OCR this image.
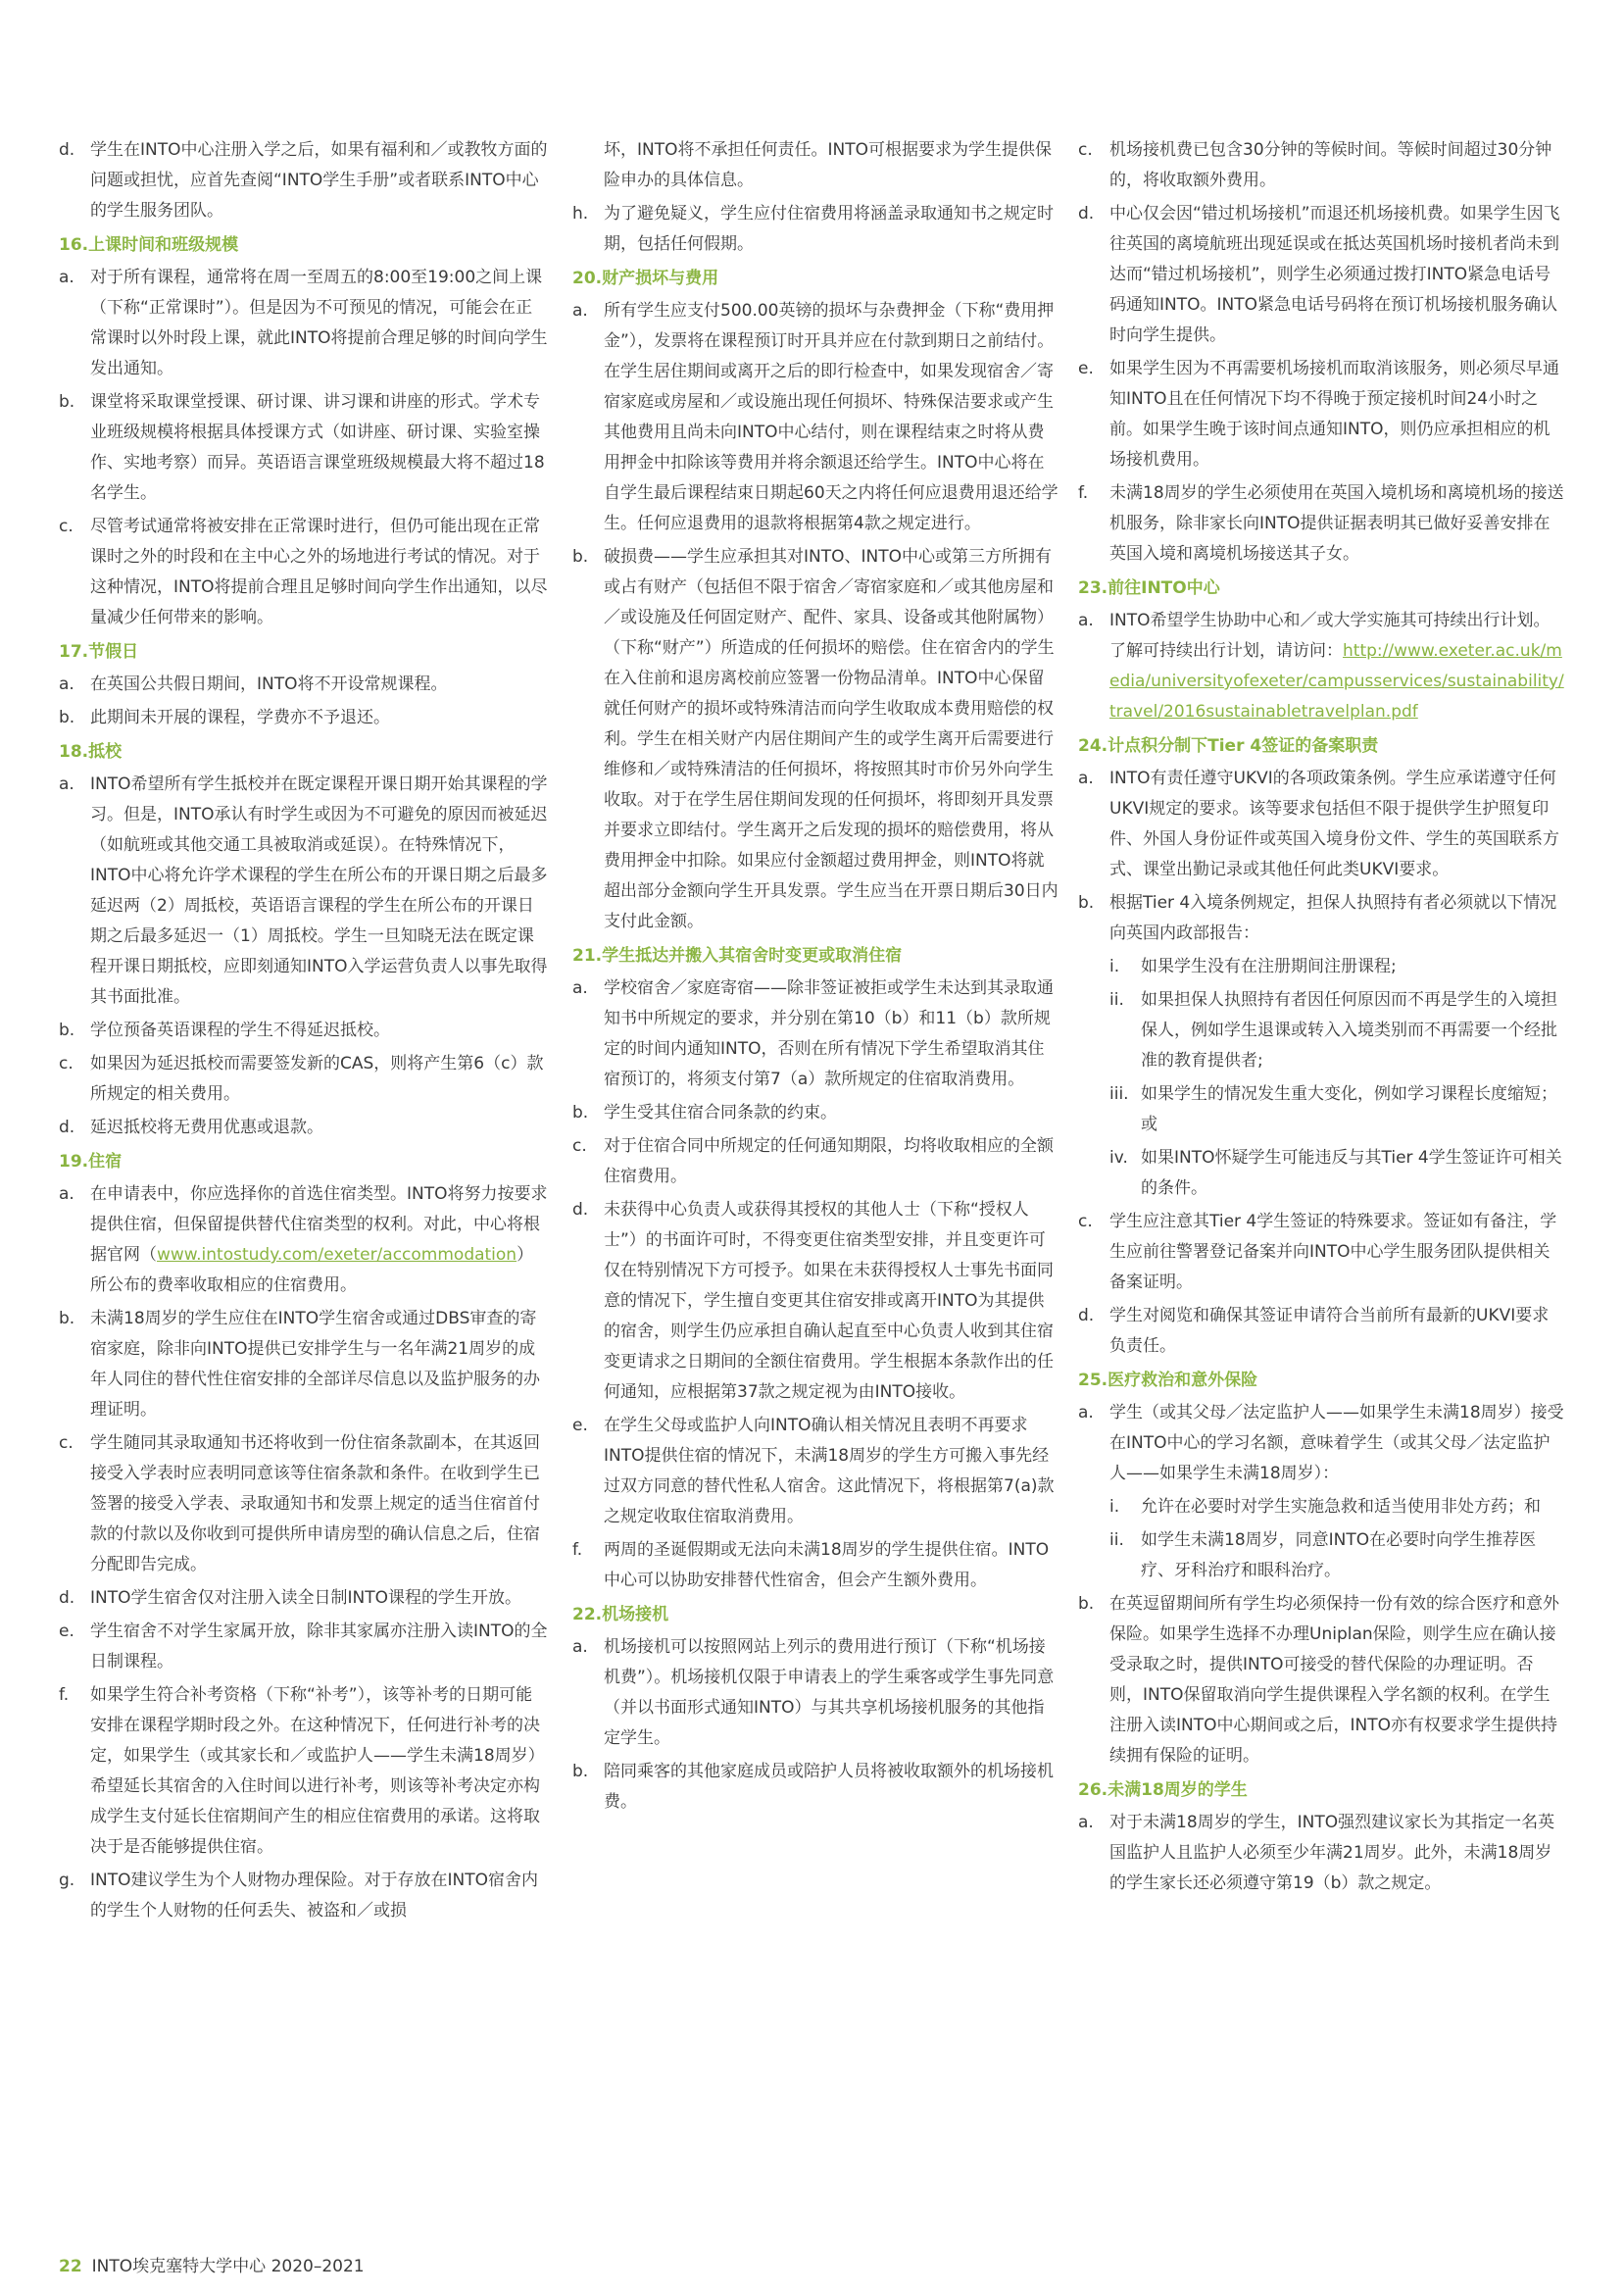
d. 学生在INTO中心注册入学之后，如果有福利和／或教牧方面的问题或担忧，应首先查阅“INTO学生手册”或者联系INTO中心的学生服务团队。
16.上课时间和班级规模
a. 对于所有课程，通常将在周一至周五的8:00至19:00之间上课（下称“正常课时”）。但是因为不可预见的情况，可能会在正常课时以外时段上课，就此INTO将提前合理足够的时间向学生发出通知。
b. 课堂将采取课堂授课、研讨课、讲习课和讲座的形式。学术专业班级规模将根据具体授课方式（如讲座、研讨课、实验室操作、实地考察）而异。英语语言课堂班级规模最大将不超过18名学生。
c.	尽管考试通常将被安排在正常课时进行，但仍可能出现在正常课时之外的时段和在主中心之外的场地进行考试的情况。对于这种情况，INTO将提前合理且足够时间向学生作出通知，以尽量减少任何带来的影响。
17.节假日
a. 在英国公共假日期间，INTO将不开设常规课程。
b. 此期间未开展的课程，学费亦不予退还。
18.抵校
a. INTO希望所有学生抵校并在既定课程开课日期开始其课程的学习。但是，INTO承认有时学生或因为不可避免的原因而被延迟（如航班或其他交通工具被取消或延误）。在特殊情况下，INTO中心将允许学术课程的学生在所公布的开课日期之后最多延迟两（2）周抵校，英语语言课程的学生在所公布的开课日期之后最多延迟一（1）周抵校。学生一旦知晓无法在既定课程开课日期抵校，应即刻通知INTO入学运营负责人以事先取得其书面批准。
b. 学位预备英语课程的学生不得延迟抵校。
c.	如果因为延迟抵校而需要签发新的CAS，则将产生第6（c）款所规定的相关费用。
d. 延迟抵校将无费用优惠或退款。
19.住宿
a. 在申请表中，你应选择你的首选住宿类型。INTO将努力按要求提供住宿，但保留提供替代住宿类型的权利。对此，中心将根据官网（www.intostudy.com/exeter/accommodation）所公布的费率收取相应的住宿费用。
b. 未满18周岁的学生应住在INTO学生宿舍或通过DBS审查的寄宿家庭，除非向INTO提供已安排学生与一名年满21周岁的成年人同住的替代性住宿安排的全部详尽信息以及监护服务的办理证明。
c.	学生随同其录取通知书还将收到一份住宿条款副本，在其返回接受入学表时应表明同意该等住宿条款和条件。在收到学生已签署的接受入学表、录取通知书和发票上规定的适当住宿首付款的付款以及你收到可提供所申请房型的确认信息之后，住宿分配即告完成。
d. INTO学生宿舍仅对注册入读全日制INTO课程的学生开放。
e. 学生宿舍不对学生家属开放，除非其家属亦注册入读INTO的全日制课程。
f.	如果学生符合补考资格（下称“补考”），该等补考的日期可能安排在课程学期时段之外。在这种情况下，任何进行补考的决定，如果学生（或其家长和／或监护人——学生未满18周岁）希望延长其宿舍的入住时间以进行补考，则该等补考决定亦构成学生支付延长住宿期间产生的相应住宿费用的承诺。这将取决于是否能够提供住宿。
g. INTO建议学生为个人财物办理保险。对于存放在INTO宿舍内的学生个人财物的任何丢失、被盗和／或损
坏，INTO将不承担任何责任。INTO可根据要求为学生提供保险申办的具体信息。
h. 为了避免疑义，学生应付住宿费用将涵盖录取通知书之规定时期，包括任何假期。
20.财产损坏与费用
a. 所有学生应支付500.00英镑的损坏与杂费押金（下称“费用押金”），发票将在课程预订时开具并应在付款到期日之前结付。在学生居住期间或离开之后的即行检查中，如果发现宿舍／寄宿家庭或房屋和／或设施出现任何损坏、特殊保洁要求或产生其他费用且尚未向INTO中心结付，则在课程结束之时将从费用押金中扣除该等费用并将余额退还给学生。INTO中心将在自学生最后课程结束日期起60天之内将任何应退费用退还给学生。任何应退费用的退款将根据第4款之规定进行。
b. 破损费——学生应承担其对INTO、INTO中心或第三方所拥有或占有财产（包括但不限于宿舍／寄宿家庭和／或其他房屋和／或设施及任何固定财产、配件、家具、设备或其他附属物）（下称“财产”）所造成的任何损坏的赔偿。住在宿舍内的学生在入住前和退房离校前应签署一份物品清单。INTO中心保留就任何财产的损坏或特殊清洁而向学生收取成本费用赔偿的权利。学生在相关财产内居住期间产生的或学生离开后需要进行维修和／或特殊清洁的任何损坏，将按照其时市价另外向学生收取。对于在学生居住期间发现的任何损坏，将即刻开具发票并要求立即结付。学生离开之后发现的损坏的赔偿费用，将从费用押金中扣除。如果应付金额超过费用押金，则INTO将就超出部分金额向学生开具发票。学生应当在开票日期后30日内支付此金额。
21.学生抵达并搬入其宿舍时变更或取消住宿
a. 学校宿舍／家庭寄宿——除非签证被拒或学生未达到其录取通知书中所规定的要求，并分别在第10（b）和11（b）款所规定的时间内通知INTO，否则在所有情况下学生希望取消其住宿预订的，将须支付第7（a）款所规定的住宿取消费用。
b. 学生受其住宿合同条款的约束。
c.	对于住宿合同中所规定的任何通知期限，均将收取相应的全额住宿费用。
d. 未获得中心负责人或获得其授权的其他人士（下称“授权人士”）的书面许可时，不得变更住宿类型安排，并且变更许可仅在特别情况下方可授予。如果在未获得授权人士事先书面同意的情况下，学生擅自变更其住宿安排或离开INTO为其提供的宿舍，则学生仍应承担自确认起直至中心负责人收到其住宿变更请求之日期间的全额住宿费用。学生根据本条款作出的任何通知，应根据第37款之规定视为由INTO接收。
e. 在学生父母或监护人向INTO确认相关情况且表明不再要求INTO提供住宿的情况下，未满18周岁的学生方可搬入事先经过双方同意的替代性私人宿舍。这此情况下，将根据第7(a)款之规定收取住宿取消费用。
f.	两周的圣诞假期或无法向未满18周岁的学生提供住宿。INTO中心可以协助安排替代性宿舍，但会产生额外费用。
22.机场接机
a. 机场接机可以按照网站上列示的费用进行预订（下称“机场接机费”）。机场接机仅限于申请表上的学生乘客或学生事先同意（并以书面形式通知INTO）与其共享机场接机服务的其他指定学生。
b. 陪同乘客的其他家庭成员或陪护人员将被收取额外的机场接机费。
c.	机场接机费已包含30分钟的等候时间。等候时间超过30分钟的，将收取额外费用。
d. 中心仅会因“错过机场接机”而退还机场接机费。如果学生因飞往英国的离境航班出现延误或在抵达英国机场时接机者尚未到达而“错过机场接机”，则学生必须通过拨打INTO紧急电话号码通知INTO。INTO紧急电话号码将在预订机场接机服务确认时向学生提供。
e. 如果学生因为不再需要机场接机而取消该服务，则必须尽早通知INTO且在任何情况下均不得晚于预定接机时间24小时之前。如果学生晚于该时间点通知INTO，则仍应承担相应的机场接机费用。
f.	未满18周岁的学生必须使用在英国入境机场和离境机场的接送机服务，除非家长向INTO提供证据表明其已做好妥善安排在英国入境和离境机场接送其子女。
23.前往INTO中心
a. INTO希望学生协助中心和／或大学实施其可持续出行计划。了解可持续出行计划，请访问：http://www.exeter.ac.uk/media/universityofexeter/campusservices/sustainability/travel/2016sustainabletravelplan.pdf
24.计点积分制下Tier 4签证的备案职责
a. INTO有责任遵守UKVI的各项政策条例。学生应承诺遵守任何UKVI规定的要求。该等要求包括但不限于提供学生护照复印件、外国人身份证件或英国入境身份文件、学生的英国联系方式、课堂出勤记录或其他任何此类UKVI要求。
b. 根据Tier 4入境条例规定，担保人执照持有者必须就以下情况向英国内政部报告：
i.	如果学生没有在注册期间注册课程;
ii.	如果担保人执照持有者因任何原因而不再是学生的入境担保人，例如学生退课或转入入境类别而不再需要一个经批准的教育提供者;
iii. 如果学生的情况发生重大变化，例如学习课程长度缩短；或
iv. 如果INTO怀疑学生可能违反与其Tier 4学生签证许可相关的条件。
c.	学生应注意其Tier 4学生签证的特殊要求。签证如有备注，学生应前往警署登记备案并向INTO中心学生服务团队提供相关备案证明。
d. 学生对阅览和确保其签证申请符合当前所有最新的UKVI要求负责任。
25.医疗救治和意外保险
a. 学生（或其父母／法定监护人——如果学生未满18周岁）接受在INTO中心的学习名额，意味着学生（或其父母／法定监护人——如果学生未满18周岁）：
i.	允许在必要时对学生实施急救和适当使用非处方药；和
ii.	如学生未满18周岁，同意INTO在必要时向学生推荐医疗、牙科治疗和眼科治疗。
b. 在英逗留期间所有学生均必须保持一份有效的综合医疗和意外保险。如果学生选择不办理Uniplan保险，则学生应在确认接受录取之时，提供INTO可接受的替代保险的办理证明。否则，INTO保留取消向学生提供课程入学名额的权利。在学生注册入读INTO中心期间或之后，INTO亦有权要求学生提供持续拥有保险的证明。
26.未满18周岁的学生
a. 对于未满18周岁的学生，INTO强烈建议家长为其指定一名英国监护人且监护人必须至少年满21周岁。此外，未满18周岁的学生家长还必须遵守第19（b）款之规定。
22 INTO埃克塞特大学中心 2020–2021
